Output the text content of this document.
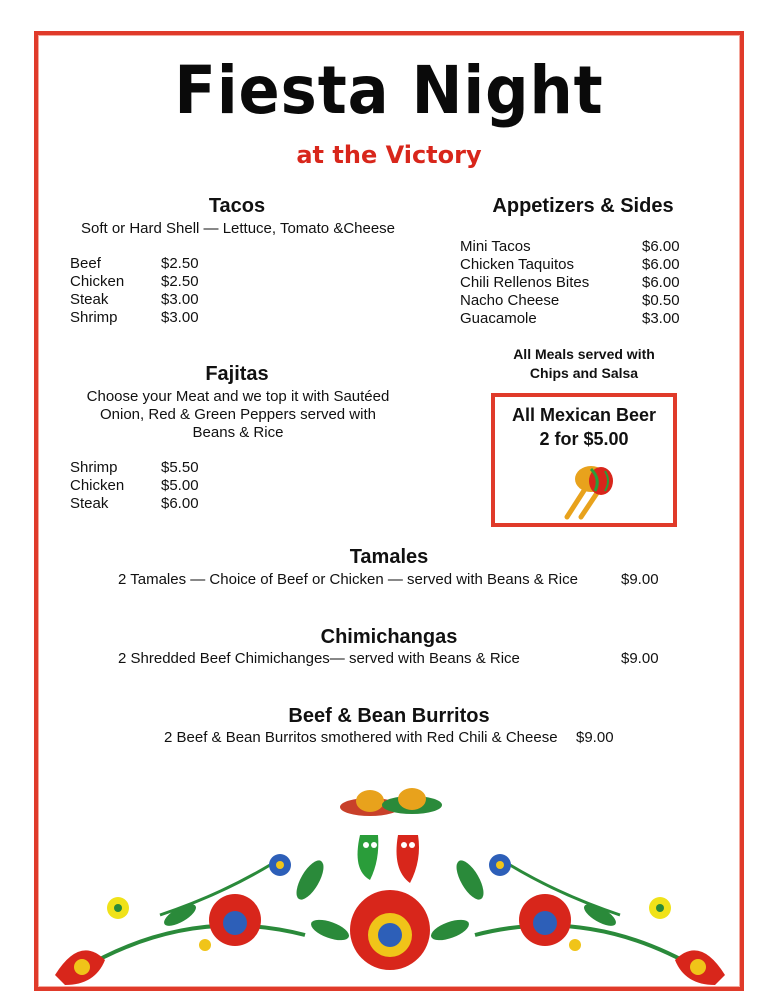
Fiesta Night
at the Victory
Tacos
Soft or Hard Shell — Lettuce, Tomato &Cheese
Beef	$2.50
Chicken $2.50
Steak	$3.00
Shrimp	$3.00
Appetizers & Sides
Mini Tacos	$6.00
Chicken Taquitos	$6.00
Chili Rellenos Bites	$6.00
Nacho Cheese	$0.50
Guacamole	$3.00
All Meals served with
Chips and Salsa
Fajitas
Choose your Meat and we top it with Sautéed
Onion, Red & Green Peppers served with
Beans & Rice
Shrimp	$5.50
Chicken $5.00
Steak	$6.00
All Mexican Beer
2 for $5.00
Tamales
2 Tamales — Choice of Beef or Chicken — served with Beans & Rice	$9.00
Chimichangas
2 Shredded Beef Chimichanges— served with Beans & Rice	$9.00
Beef & Bean Burritos
2 Beef & Bean Burritos smothered with Red Chili & Cheese $9.00
